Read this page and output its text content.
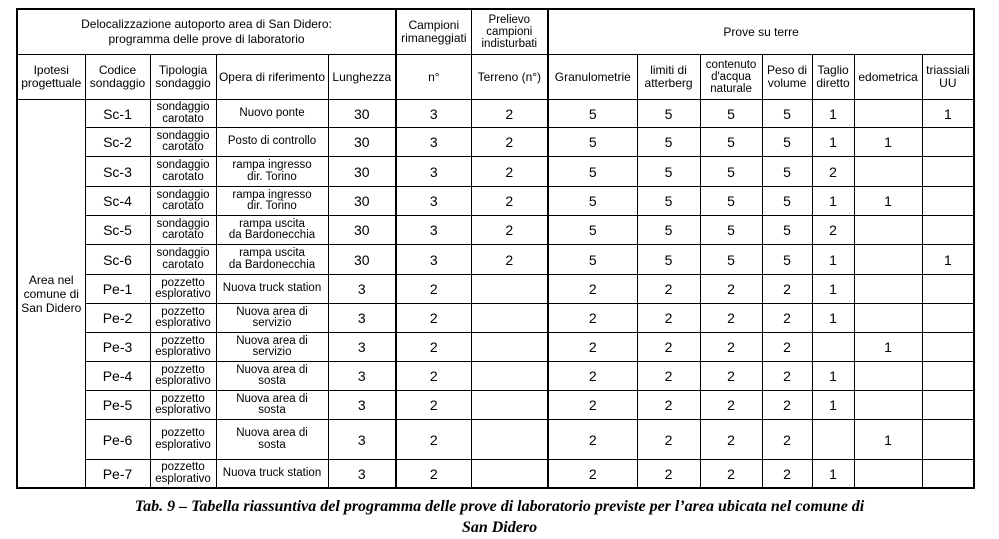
Delocalizzazione autoporto area di San Didero:
programma delle prove di laboratorio					Campioni rimaneggiati	Prelievo
campioni
indisturbati	Prove su terre						
Ipotesi progettuale	Codice sondaggio	Tipologia sondaggio	Opera di riferimento	Lunghezza	n°	Terreno (n°)	Granulometrie	limiti di atterberg	contenuto d'acqua naturale	Peso di volume	Taglio diretto	edometrica	triassiali UU
Area nel comune di San Didero	Sc-1	sondaggio
carotato	Nuovo ponte	30	3	2	5	5	5	5	1		1
	Sc-2	sondaggio
carotato	Posto di controllo	30	3	2	5	5	5	5	1	1	
	Sc-3	sondaggio
carotato	rampa ingresso
dir. Torino	30	3	2	5	5	5	5	2		
	Sc-4	sondaggio
carotato	rampa ingresso
dir. Torino	30	3	2	5	5	5	5	1	1	
	Sc-5	sondaggio
carotato	rampa uscita
da Bardonecchia	30	3	2	5	5	5	5	2		
	Sc-6	sondaggio
carotato	rampa uscita
da Bardonecchia	30	3	2	5	5	5	5	1		1
	Pe-1	pozzetto
esplorativo	Nuova truck station	3	2		2	2	2	2	1		
	Pe-2	pozzetto
esplorativo	Nuova area di
servizio	3	2		2	2	2	2	1		
	Pe-3	pozzetto
esplorativo	Nuova area di
servizio	3	2		2	2	2	2		1	
	Pe-4	pozzetto
esplorativo	Nuova area di
sosta	3	2		2	2	2	2	1		
	Pe-5	pozzetto
esplorativo	Nuova area di
sosta	3	2		2	2	2	2	1		
	Pe-6	pozzetto
esplorativo	Nuova area di
sosta	3	2		2	2	2	2		1	
	Pe-7	pozzetto
esplorativo	Nuova truck station	3	2		2	2	2	2	1		
Tab. 9 – Tabella riassuntiva del programma delle prove di laboratorio previste per l’area ubicata nel comune di
San Didero
